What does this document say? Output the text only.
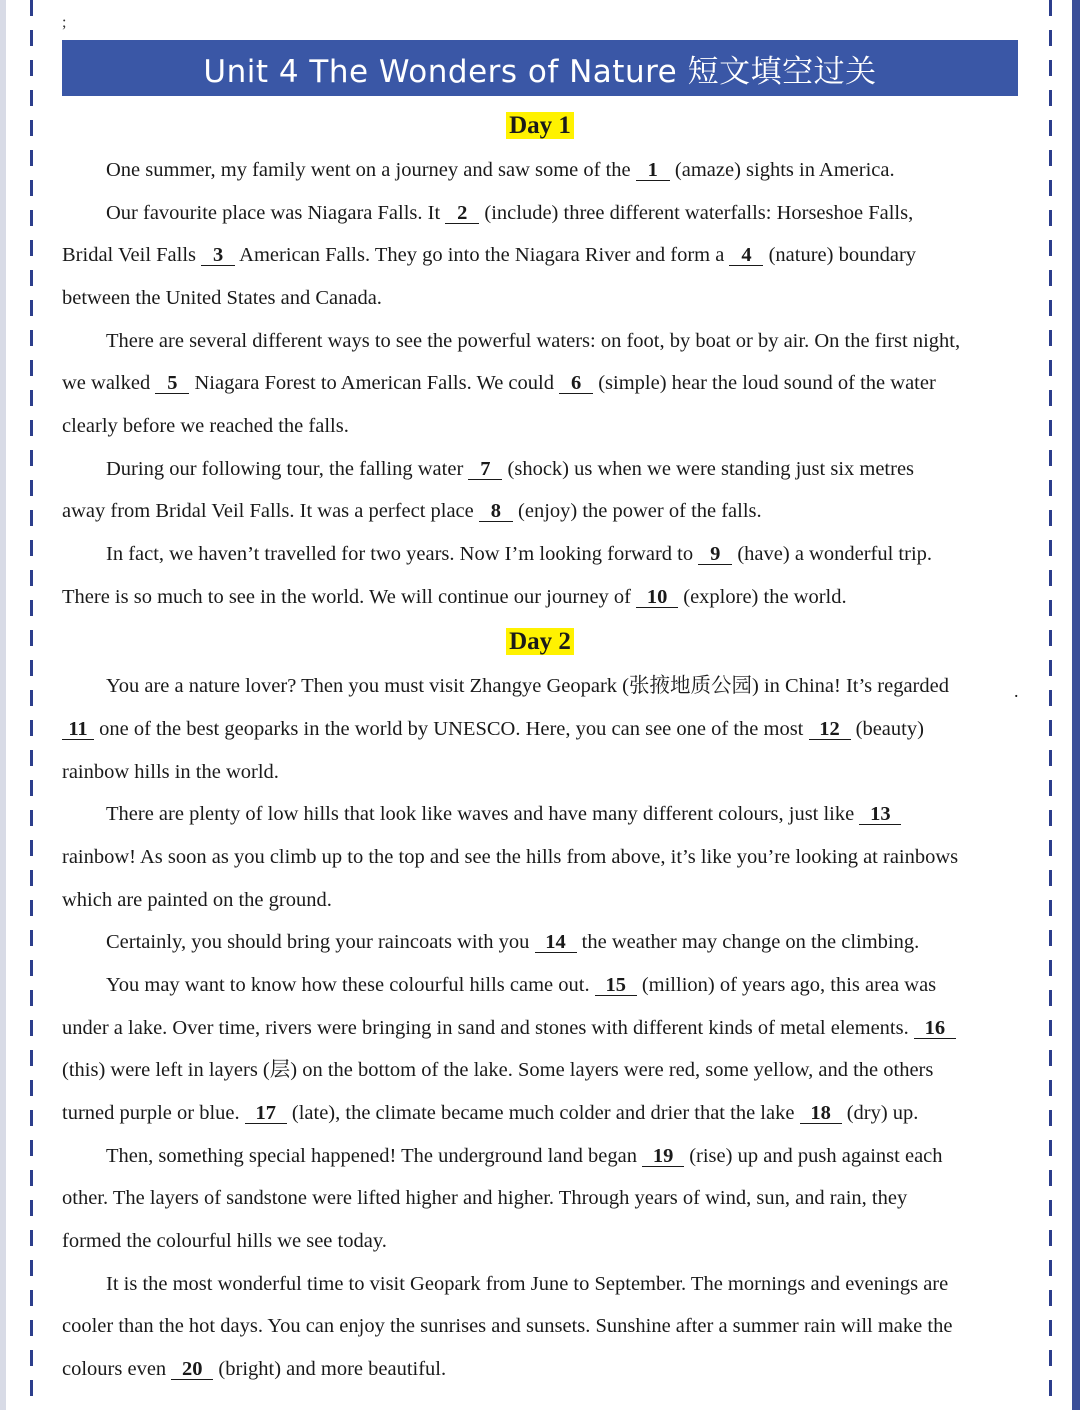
;
Unit 4 The Wonders of Nature 短文填空过关
Day 1
One summer, my family went on a journey and saw some of the 1 (amaze) sights in America.
Our favourite place was Niagara Falls. It 2 (include) three different waterfalls: Horseshoe Falls,
Bridal Veil Falls 3 American Falls. They go into the Niagara River and form a 4 (nature) boundary
between the United States and Canada.
There are several different ways to see the powerful waters: on foot, by boat or by air. On the first night,
we walked 5 Niagara Forest to American Falls. We could 6 (simple) hear the loud sound of the water
clearly before we reached the falls.
During our following tour, the falling water 7 (shock) us when we were standing just six metres
away from Bridal Veil Falls. It was a perfect place 8 (enjoy) the power of the falls.
In fact, we haven’t travelled for two years. Now I’m looking forward to 9 (have) a wonderful trip.
There is so much to see in the world. We will continue our journey of 10 (explore) the world.
Day 2
You are a nature lover? Then you must visit Zhangye Geopark (张掖地质公园) in China! It’s regarded	.
11 one of the best geoparks in the world by UNESCO. Here, you can see one of the most 12 (beauty)
rainbow hills in the world.
There are plenty of low hills that look like waves and have many different colours, just like 13
rainbow! As soon as you climb up to the top and see the hills from above, it’s like you’re looking at rainbows
which are painted on the ground.
Certainly, you should bring your raincoats with you 14 the weather may change on the climbing.
You may want to know how these colourful hills came out. 15 (million) of years ago, this area was
under a lake. Over time, rivers were bringing in sand and stones with different kinds of metal elements. 16
(this) were left in layers (层) on the bottom of the lake. Some layers were red, some yellow, and the others
turned purple or blue. 17 (late), the climate became much colder and drier that the lake 18 (dry) up.
Then, something special happened! The underground land began 19 (rise) up and push against each
other. The layers of sandstone were lifted higher and higher. Through years of wind, sun, and rain, they
formed the colourful hills we see today.
It is the most wonderful time to visit Geopark from June to September. The mornings and evenings are
cooler than the hot days. You can enjoy the sunrises and sunsets. Sunshine after a summer rain will make the
colours even 20 (bright) and more beautiful.
